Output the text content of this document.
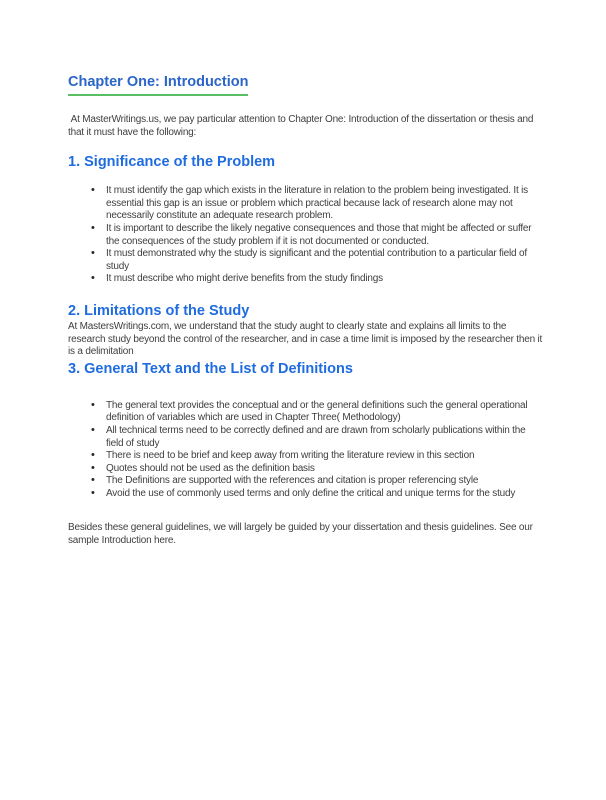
Chapter One: Introduction

At MasterWritings.us, we pay particular attention to Chapter One: Introduction of the dissertation or thesis and that it must have the following:

1. Significance of the Problem
• It must identify the gap which exists in the literature in relation to the problem being investigated. It is essential this gap is an issue or problem which practical because lack of research alone may not necessarily constitute an adequate research problem.
• It is important to describe the likely negative consequences and those that might be affected or suffer the consequences of the study problem if it is not documented or conducted.
• It must demonstrated why the study is significant and the potential contribution to a particular field of study
• It must describe who might derive benefits from the study findings
2. Limitations of the Study

At MastersWritings.com, we understand that the study aught to clearly state and explains all limits to the research study beyond the control of the researcher, and in case a time limit is imposed by the researcher then it is a delimitation

3. General Text and the List of Definitions
• The general text provides the conceptual and or the general definitions such the general operational definition of variables which are used in Chapter Three( Methodology)
• All technical terms need to be correctly defined and are drawn from scholarly publications within the field of study
• There is need to be brief and keep away from writing the literature review in this section
• Quotes should not be used as the definition basis
• The Definitions are supported with the references and citation is proper referencing style
• Avoid the use of commonly used terms and only define the critical and unique terms for the study

Besides these general guidelines, we will largely be guided by your dissertation and thesis guidelines. See our sample Introduction here.
